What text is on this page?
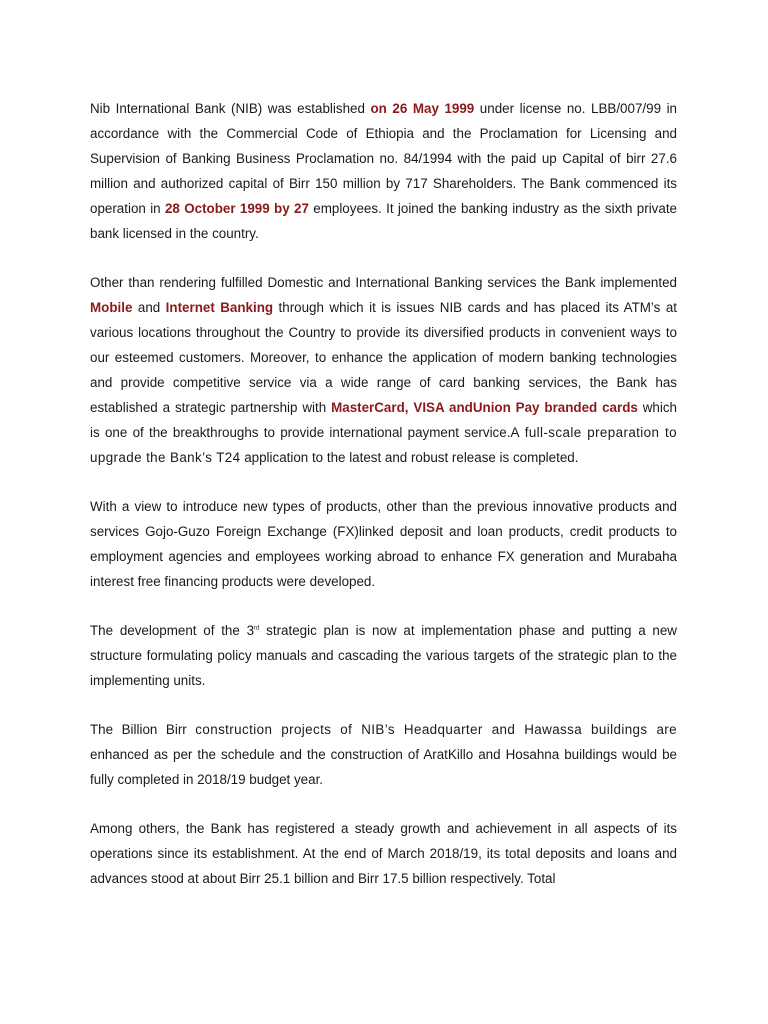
Nib International Bank (NIB) was established on 26 May 1999 under license no. LBB/007/99 in accordance with the Commercial Code of Ethiopia and the Proclamation for Licensing and Supervision of Banking Business Proclamation no. 84/1994 with the paid up Capital of birr 27.6 million and authorized capital of Birr 150 million by 717 Shareholders. The Bank commenced its operation in 28 October 1999 by 27 employees. It joined the banking industry as the sixth private bank licensed in the country.

Other than rendering fulfilled Domestic and International Banking services the Bank implemented Mobile and Internet Banking through which it is issues NIB cards and has placed its ATM’s at various locations throughout the Country to provide its diversified products in convenient ways to our esteemed customers. Moreover, to enhance the application of modern banking technologies and provide competitive service via a wide range of card banking services, the Bank has established a strategic partnership with MasterCard, VISA andUnion Pay branded cards which is one of the breakthroughs to provide international payment service.A full-scale preparation to upgrade the Bank’s T24 application to the latest and robust release is completed.

With a view to introduce new types of products, other than the previous innovative products and services Gojo-Guzo Foreign Exchange (FX)linked deposit and loan products, credit products to employment agencies and employees working abroad to enhance FX generation and Murabaha interest free financing products were developed.

The development of the 3rd strategic plan is now at implementation phase and putting a new structure formulating policy manuals and cascading the various targets of the strategic plan to the implementing units.

The Billion Birr construction projects of NIB’s Headquarter and Hawassa buildings are enhanced as per the schedule and the construction of AratKillo and Hosahna buildings would be fully completed in 2018/19 budget year.

Among others, the Bank has registered a steady growth and achievement in all aspects of its operations since its establishment. At the end of March 2018/19, its total deposits and loans and advances stood at about Birr 25.1 billion and Birr 17.5 billion respectively. Total
